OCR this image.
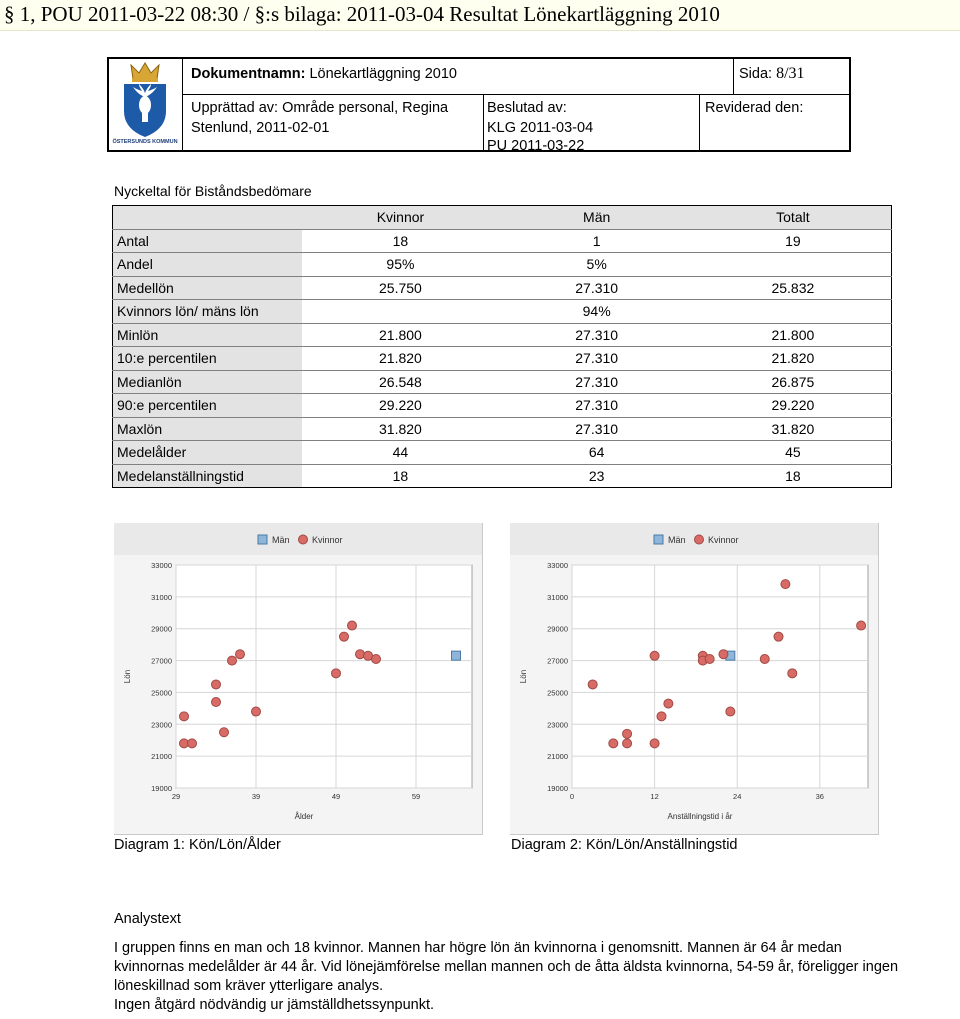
§ 1, POU 2011-03-22 08:30 / §:s bilaga: 2011-03-04 Resultat Lönekartläggning 2010
ÖSTERSUNDS KOMMUN
Dokumentnamn: Lönekartläggning 2010	Sida: 8/31
Upprättad av: Område personal, Regina
Stenlund, 2011-02-01
Beslutad av:
KLG 2011-03-04
PU 2011-03-22
Reviderad den:
Nyckeltal för Biståndsbedömare
	Kvinnor	Män	Totalt
Antal	18	1	19
Andel	95%	5%	
Medellön	25.750	27.310	25.832
Kvinnors lön/ mäns lön		94%	
Minlön	21.800	27.310	21.800
10:e percentilen	21.820	27.310	21.820
Medianlön	26.548	27.310	26.875
90:e percentilen	29.220	27.310	29.220
Maxlön	31.820	27.310	31.820
Medelålder	44	64	45
Medelanställningstid	18	23	18
Män Kvinnor
19000
21000
23000
25000
27000
29000
31000
33000
29	39	49	59
Ålder
Lön
Män Kvinnor
19000
21000
23000
25000
27000
29000
31000
33000
0	12	24	36
Anställningstid i år
Lön
Diagram 1: Kön/Lön/Ålder	Diagram 2: Kön/Lön/Anställningstid
Analystext
I gruppen finns en man och 18 kvinnor. Mannen har högre lön än kvinnorna i genomsnitt. Mannen är 64 år medan kvinnornas medelålder är 44 år. Vid lönejämförelse mellan mannen och de åtta äldsta kvinnorna, 54-59 år, föreligger ingen löneskillnad som kräver ytterligare analys.
Ingen åtgärd nödvändig ur jämställdhetssynpunkt.
